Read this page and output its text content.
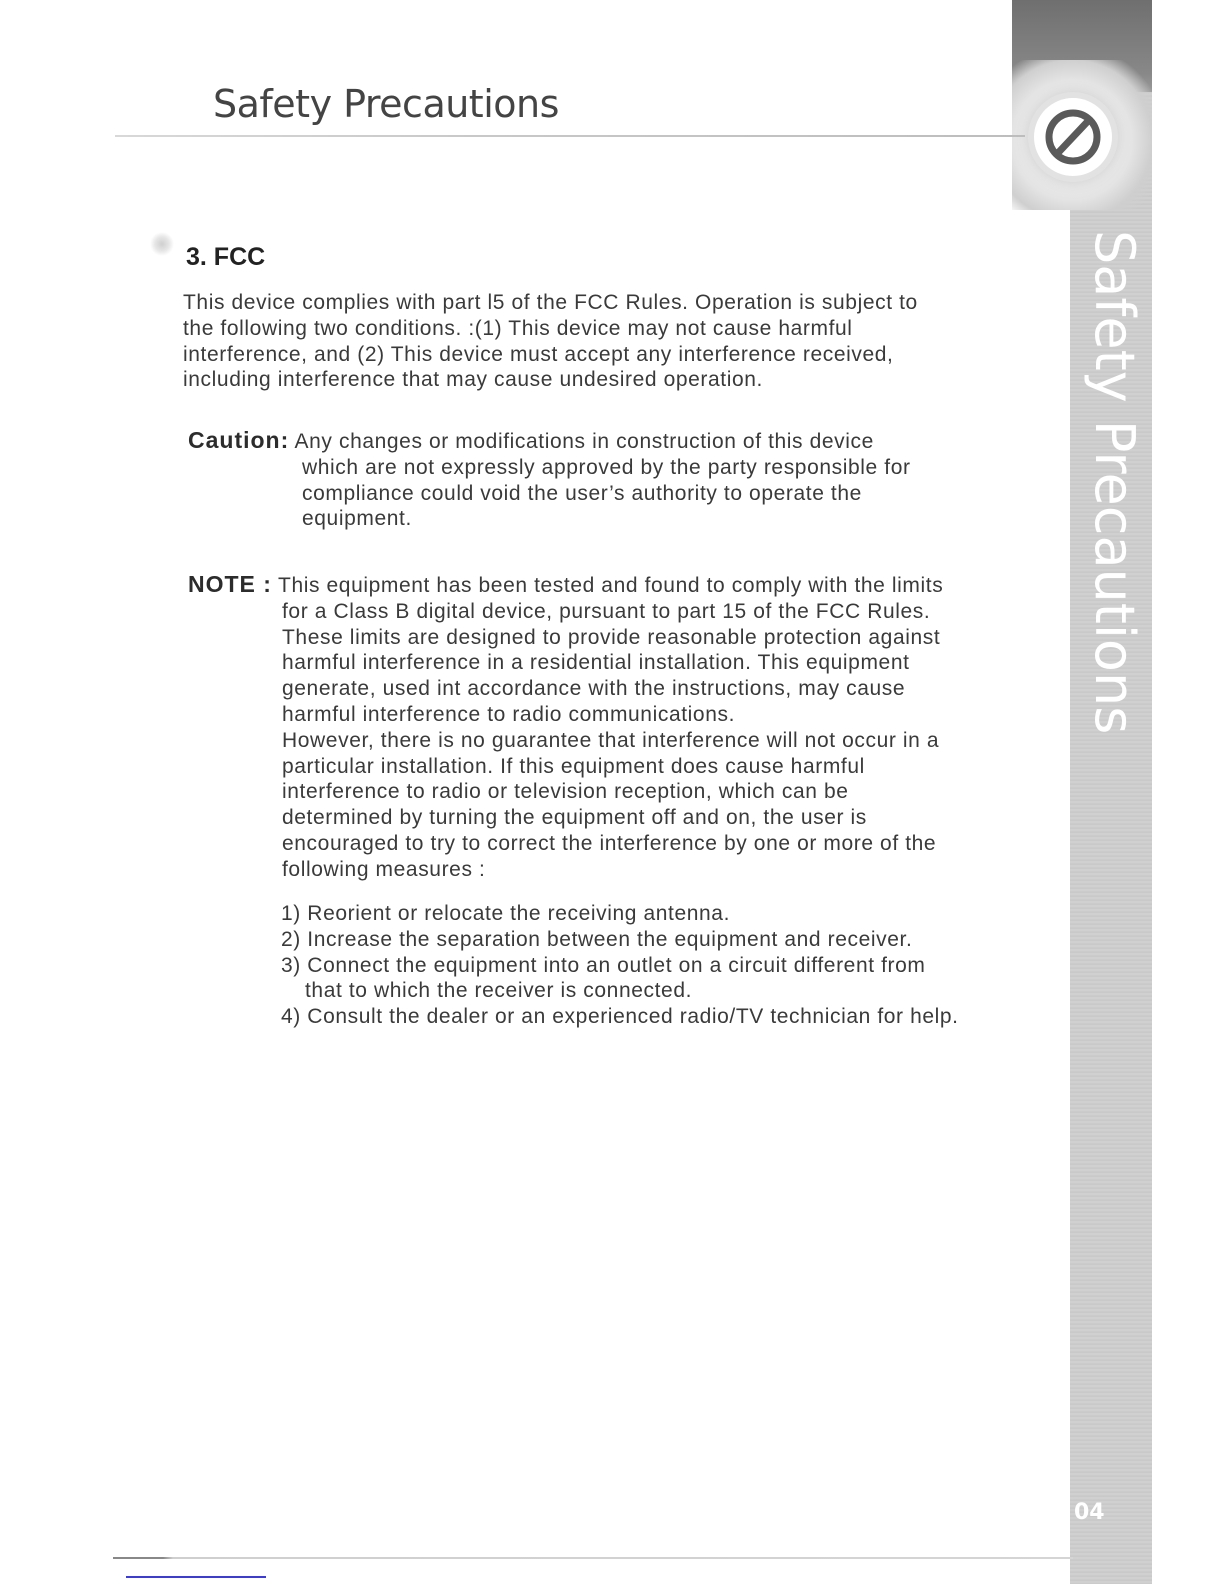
Safety Precautions
04
Safety Precautions
3. FCC
This device complies with part l5 of the FCC Rules. Operation is subject to
the following two conditions. :(1) This device may not cause harmful
interference, and (2) This device must accept any interference received,
including interference that may cause undesired operation.
Caution: Any changes or modifications in construction of this device
which are not expressly approved by the party responsible for
compliance could void the user’s authority to operate the
equipment.
NOTE : This equipment has been tested and found to comply with the limits
for a Class B digital device, pursuant to part 15 of the FCC Rules.
These limits are designed to provide reasonable protection against
harmful interference in a residential installation. This equipment
generate, used int accordance with the instructions, may cause
harmful interference to radio communications.
However, there is no guarantee that interference will not occur in a
particular installation. If this equipment does cause harmful
interference to radio or television reception, which can be
determined by turning the equipment off and on, the user is
encouraged to try to correct the interference by one or more of the
following measures :
1) Reorient or relocate the receiving antenna.
2) Increase the separation between the equipment and receiver.
3) Connect the equipment into an outlet on a circuit different from
that to which the receiver is connected.
4) Consult the dealer or an experienced radio/TV technician for help.
